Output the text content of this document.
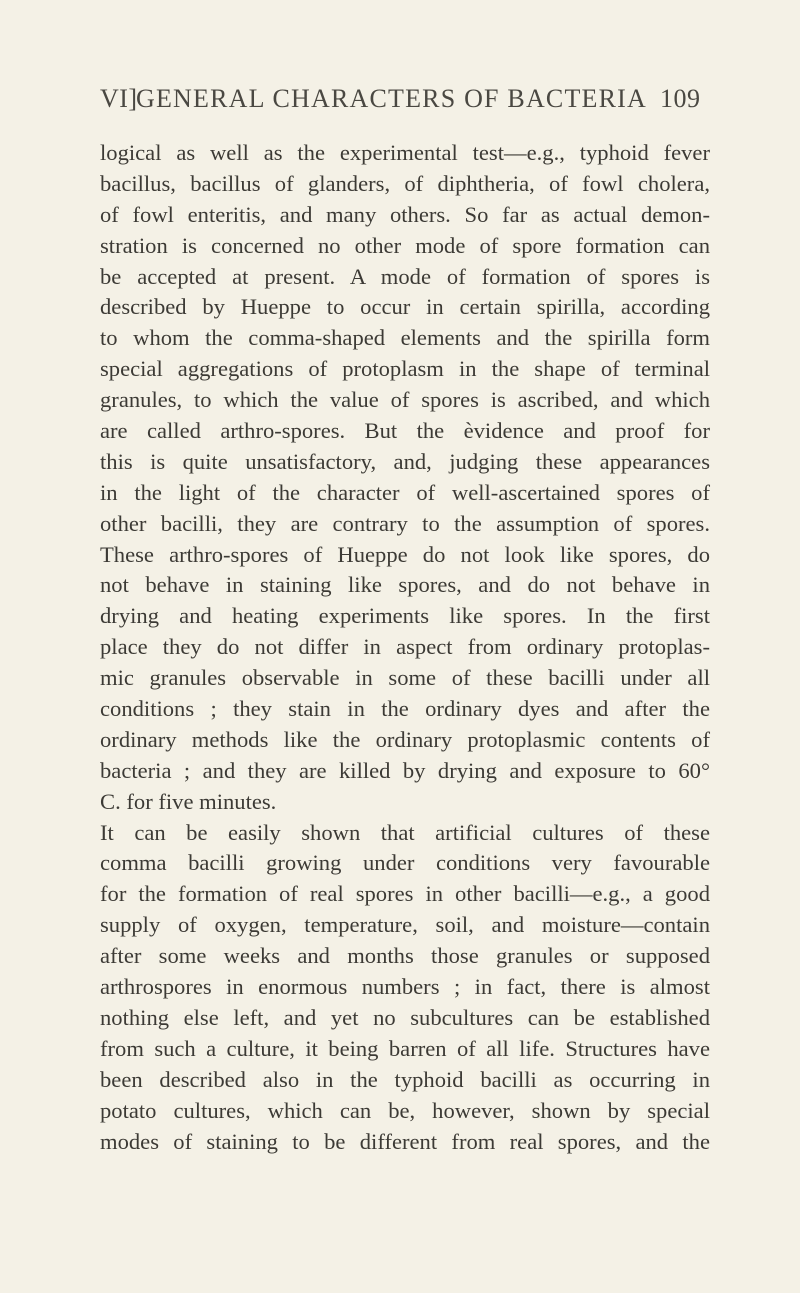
VI]
GENERAL CHARACTERS OF BACTERIA 109
logical as well as the experimental test—e.g., typhoid fever
bacillus, bacillus of glanders, of diphtheria, of fowl cholera,
of fowl enteritis, and many others. So far as actual demon-
stration is concerned no other mode of spore formation can
be accepted at present. A mode of formation of spores is
described by Hueppe to occur in certain spirilla, according
to whom the comma-shaped elements and the spirilla form
special aggregations of protoplasm in the shape of terminal
granules, to which the value of spores is ascribed, and which
are called arthro-spores. But the èvidence and proof for
this is quite unsatisfactory, and, judging these appearances
in the light of the character of well-ascertained spores of
other bacilli, they are contrary to the assumption of spores.
These arthro-spores of Hueppe do not look like spores, do
not behave in staining like spores, and do not behave in
drying and heating experiments like spores. In the first
place they do not differ in aspect from ordinary protoplas-
mic granules observable in some of these bacilli under all
conditions ; they stain in the ordinary dyes and after the
ordinary methods like the ordinary protoplasmic contents of
bacteria ; and they are killed by drying and exposure to 60°
C. for five minutes.
It can be easily shown that artificial cultures of these
comma bacilli growing under conditions very favourable
for the formation of real spores in other bacilli—e.g., a good
supply of oxygen, temperature, soil, and moisture—contain
after some weeks and months those granules or supposed
arthrospores in enormous numbers ; in fact, there is almost
nothing else left, and yet no subcultures can be established
from such a culture, it being barren of all life. Structures have
been described also in the typhoid bacilli as occurring in
potato cultures, which can be, however, shown by special
modes of staining to be different from real spores, and the
